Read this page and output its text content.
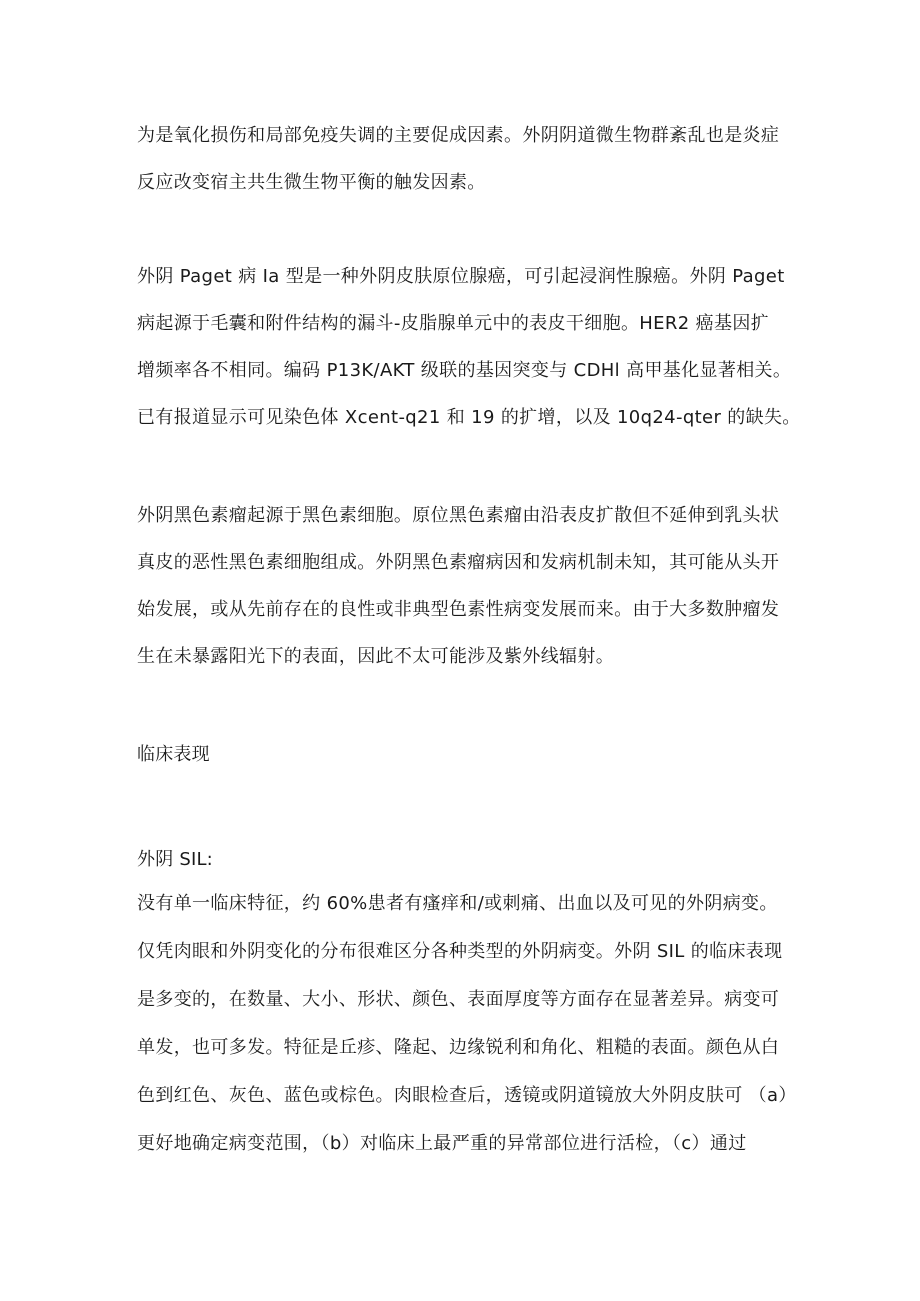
为是氧化损伤和局部免疫失调的主要促成因素。外阴阴道微生物群紊乱也是炎症

反应改变宿主共生微生物平衡的触发因素。

外阴 Paget 病 Ia 型是一种外阴皮肤原位腺癌，可引起浸润性腺癌。外阴 Paget

病起源于毛囊和附件结构的漏斗-皮脂腺单元中的表皮干细胞。HER2 癌基因扩

增频率各不相同。编码 P13K/AKT 级联的基因突变与 CDHl 高甲基化显著相关。

已有报道显示可见染色体 Xcent-q21 和 19 的扩增，以及 10q24-qter 的缺失。

外阴黑色素瘤起源于黑色素细胞。原位黑色素瘤由沿表皮扩散但不延伸到乳头状

真皮的恶性黑色素细胞组成。外阴黑色素瘤病因和发病机制未知，其可能从头开

始发展，或从先前存在的良性或非典型色素性病变发展而来。由于大多数肿瘤发

生在未暴露阳光下的表面，因此不太可能涉及紫外线辐射。

临床表现

外阴 SIL:

没有单一临床特征，约 60%患者有瘙痒和/或刺痛、出血以及可见的外阴病变。

仅凭肉眼和外阴变化的分布很难区分各种类型的外阴病变。外阴 SIL 的临床表现

是多变的，在数量、大小、形状、颜色、表面厚度等方面存在显著差异。病变可

单发，也可多发。特征是丘疹、隆起、边缘锐利和角化、粗糙的表面。颜色从白

色到红色、灰色、蓝色或棕色。肉眼检查后，透镜或阴道镜放大外阴皮肤可 （a）

更好地确定病变范围，（b）对临床上最严重的异常部位进行活检，（c）通过
